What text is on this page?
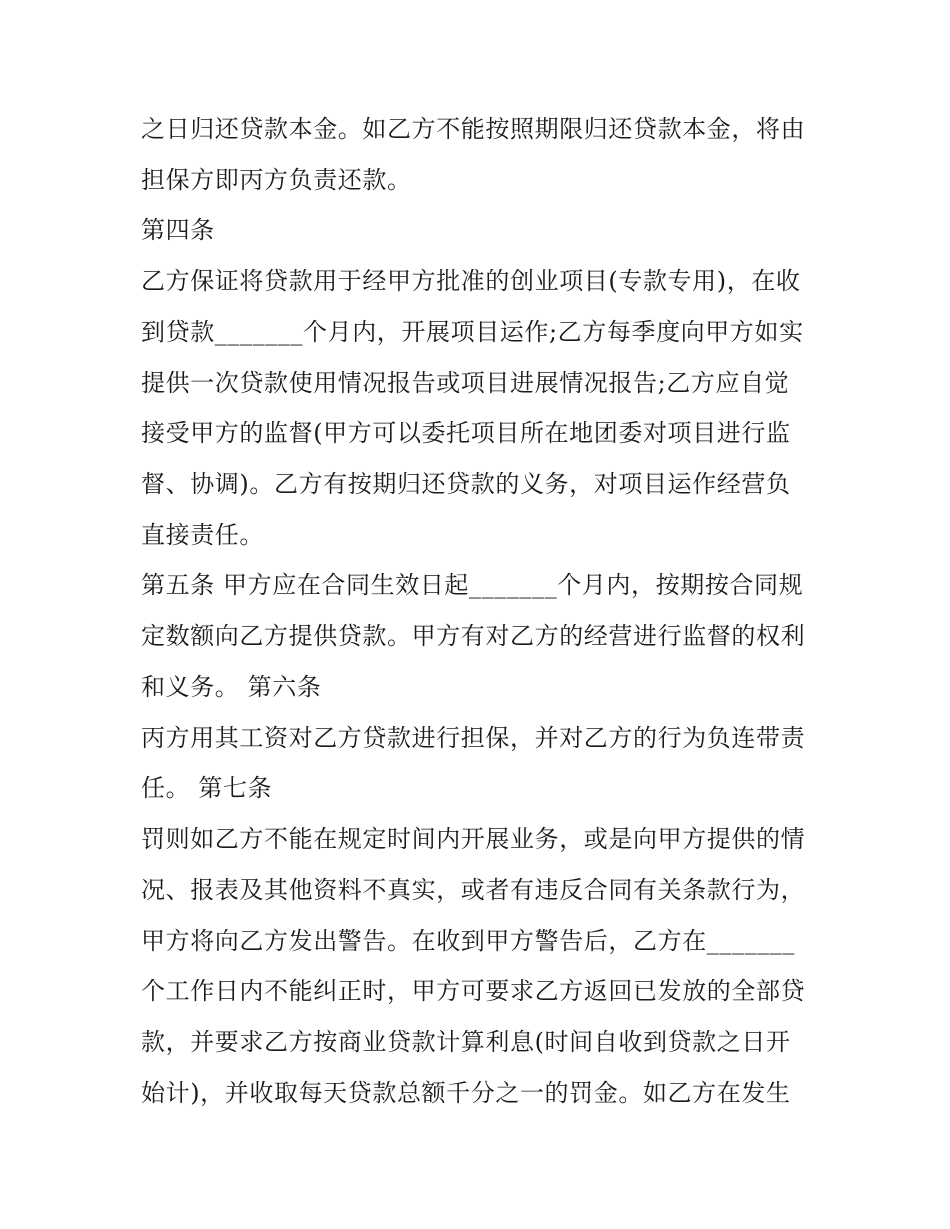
之日归还贷款本金。如乙方不能按照期限归还贷款本金，将由
担保方即丙方负责还款。
第四条
乙方保证将贷款用于经甲方批准的创业项目(专款专用)，在收
到贷款_______个月内，开展项目运作;乙方每季度向甲方如实
提供一次贷款使用情况报告或项目进展情况报告;乙方应自觉
接受甲方的监督(甲方可以委托项目所在地团委对项目进行监
督、协调)。乙方有按期归还贷款的义务，对项目运作经营负
直接责任。
第五条 甲方应在合同生效日起_______个月内，按期按合同规
定数额向乙方提供贷款。甲方有对乙方的经营进行监督的权利
和义务。 第六条
丙方用其工资对乙方贷款进行担保，并对乙方的行为负连带责
任。 第七条
罚则如乙方不能在规定时间内开展业务，或是向甲方提供的情
况、报表及其他资料不真实，或者有违反合同有关条款行为，
甲方将向乙方发出警告。在收到甲方警告后，乙方在_______
个工作日内不能纠正时，甲方可要求乙方返回已发放的全部贷
款，并要求乙方按商业贷款计算利息(时间自收到贷款之日开
始计)，并收取每天贷款总额千分之一的罚金。如乙方在发生
